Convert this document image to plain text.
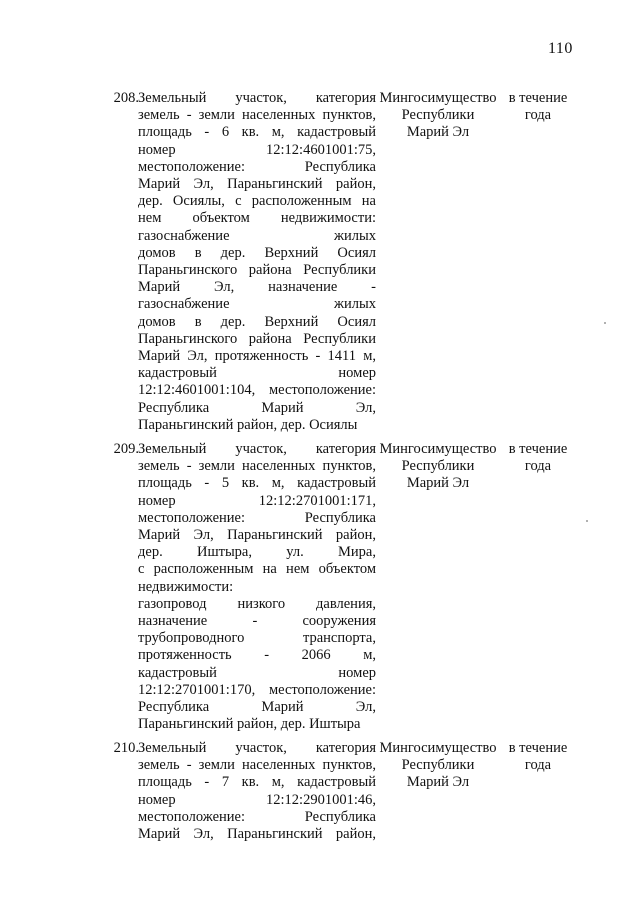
110
208. Земельный участок, категория
земель - земли населенных пунктов,
площадь - 6 кв. м, кадастровый
номер 12:12:4601001:75,
местоположение: Республика
Марий Эл, Параньгинский район,
дер. Осиялы, с расположенным на
нем объектом недвижимости:
газоснабжение жилых
домов в дер. Верхний Осиял
Параньгинского района Республики
Марий Эл, назначение -
газоснабжение жилых
домов в дер. Верхний Осиял
Параньгинского района Республики
Марий Эл, протяженность - 1411 м,
кадастровый номер
12:12:4601001:104, местоположение:
Республика Марий Эл,
Параньгинский район, дер. Осиялы
Мингосимущество
Республики
Марий Эл
в течение
года
209. Земельный участок, категория
земель - земли населенных пунктов,
площадь - 5 кв. м, кадастровый
номер 12:12:2701001:171,
местоположение: Республика
Марий Эл, Параньгинский район,
дер. Иштыра, ул. Мира,
с расположенным на нем объектом
недвижимости:
газопровод низкого давления,
назначение - сооружения
трубопроводного транспорта,
протяженность - 2066 м,
кадастровый номер
12:12:2701001:170, местоположение:
Республика Марий Эл,
Параньгинский район, дер. Иштыра
Мингосимущество
Республики
Марий Эл
в течение
года
210. Земельный участок, категория
земель - земли населенных пунктов,
площадь - 7 кв. м, кадастровый
номер 12:12:2901001:46,
местоположение: Республика
Марий Эл, Параньгинский район,
Мингосимущество
Республики
Марий Эл
в течение
года
